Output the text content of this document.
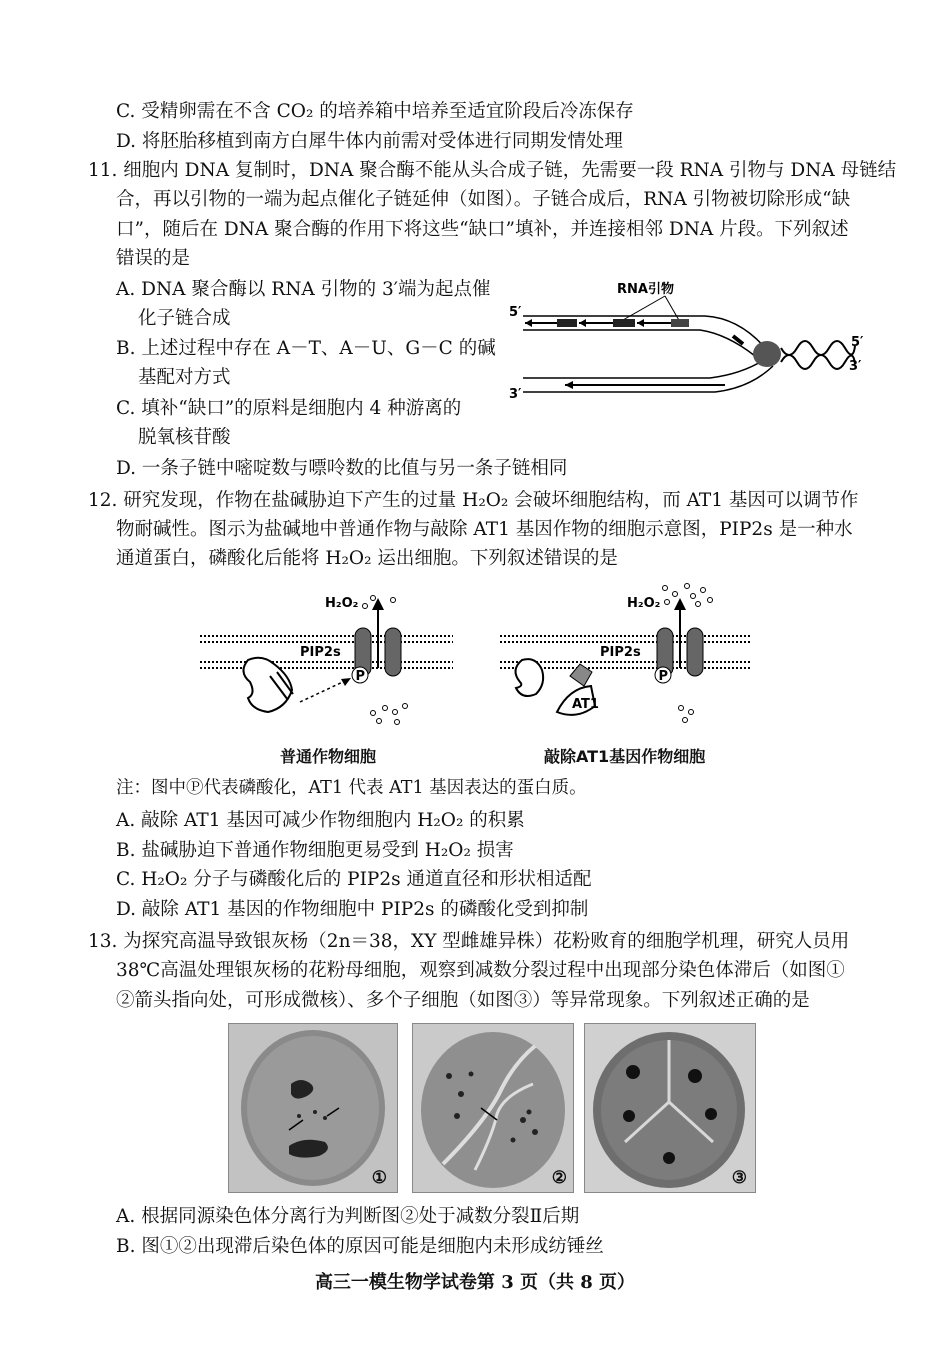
C. 受精卵需在不含 CO₂ 的培养箱中培养至适宜阶段后冷冻保存
D. 将胚胎移植到南方白犀牛体内前需对受体进行同期发情处理
11. 细胞内 DNA 复制时，DNA 聚合酶不能从头合成子链，先需要一段 RNA 引物与 DNA 母链结
合，再以引物的一端为起点催化子链延伸（如图）。子链合成后，RNA 引物被切除形成“缺
口”，随后在 DNA 聚合酶的作用下将这些“缺口”填补，并连接相邻 DNA 片段。下列叙述
错误的是
A. DNA 聚合酶以 RNA 引物的 3′端为起点催
化子链合成
B. 上述过程中存在 A－T、A－U、G－C 的碱
基配对方式
C. 填补“缺口”的原料是细胞内 4 种游离的
脱氧核苷酸
D. 一条子链中嘧啶数与嘌呤数的比值与另一条子链相同
RNA引物
5′
3′
5′
3′
12. 研究发现，作物在盐碱胁迫下产生的过量 H₂O₂ 会破坏细胞结构，而 AT1 基因可以调节作
物耐碱性。图示为盐碱地中普通作物与敲除 AT1 基因作物的细胞示意图，PIP2s 是一种水
通道蛋白，磷酸化后能将 H₂O₂ 运出细胞。下列叙述错误的是
H₂O₂
PIP2s
P
H₂O₂
PIP2s
P
AT1
普通作物细胞	敲除AT1基因作物细胞
注：图中Ⓟ代表磷酸化，AT1 代表 AT1 基因表达的蛋白质。
A. 敲除 AT1 基因可减少作物细胞内 H₂O₂ 的积累
B. 盐碱胁迫下普通作物细胞更易受到 H₂O₂ 损害
C. H₂O₂ 分子与磷酸化后的 PIP2s 通道直径和形状相适配
D. 敲除 AT1 基因的作物细胞中 PIP2s 的磷酸化受到抑制
13. 为探究高温导致银灰杨（2n＝38，XY 型雌雄异株）花粉败育的细胞学机理，研究人员用
38℃高温处理银灰杨的花粉母细胞，观察到减数分裂过程中出现部分染色体滞后（如图①
②箭头指向处，可形成微核）、多个子细胞（如图③）等异常现象。下列叙述正确的是
①	②	③
A. 根据同源染色体分离行为判断图②处于减数分裂Ⅱ后期
B. 图①②出现滞后染色体的原因可能是细胞内未形成纺锤丝
高三一模生物学试卷第 3 页（共 8 页）
